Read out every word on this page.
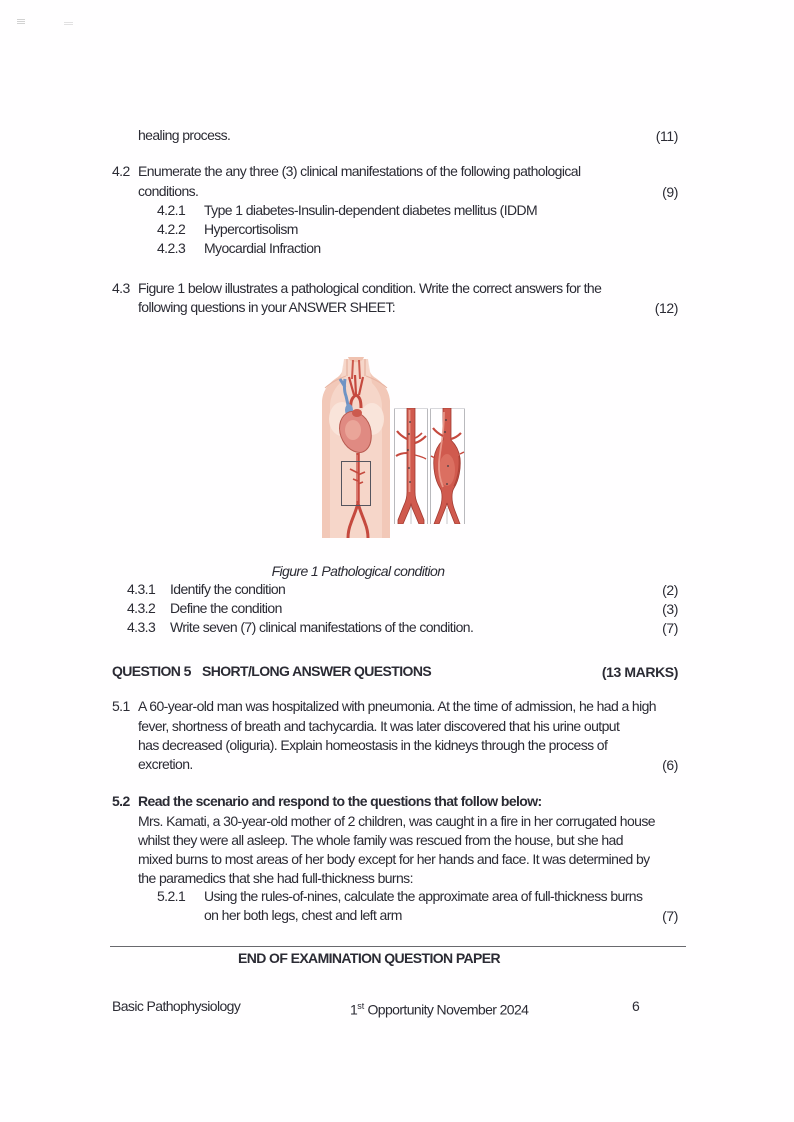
healing process.	(11)
4.2 Enumerate the any three (3) clinical manifestations of the following pathological
conditions.	(9)
4.2.1 Type 1 diabetes-Insulin-dependent diabetes mellitus (IDDM
4.2.2 Hypercortisolism
4.2.3 Myocardial Infraction
4.3 Figure 1 below illustrates a pathological condition. Write the correct answers for the
following questions in your ANSWER SHEET:	(12)
Figure 1 Pathological condition
4.3.1 Identify the condition	(2)
4.3.2 Define the condition	(3)
4.3.3 Write seven (7) clinical manifestations of the condition.	(7)
QUESTION 5 SHORT/LONG ANSWER QUESTIONS	(13 MARKS)
5.1 A 60-year-old man was hospitalized with pneumonia. At the time of admission, he had a high
fever, shortness of breath and tachycardia. It was later discovered that his urine output
has decreased (oliguria). Explain homeostasis in the kidneys through the process of
excretion.	(6)
5.2 Read the scenario and respond to the questions that follow below:
Mrs. Kamati, a 30-year-old mother of 2 children, was caught in a fire in her corrugated house
whilst they were all asleep. The whole family was rescued from the house, but she had
mixed burns to most areas of her body except for her hands and face. It was determined by
the paramedics that she had full-thickness burns:
5.2.1 Using the rules-of-nines, calculate the approximate area of full-thickness burns
on her both legs, chest and left arm	(7)
END OF EXAMINATION QUESTION PAPER
Basic Pathophysiology	1st Opportunity November 2024	6
